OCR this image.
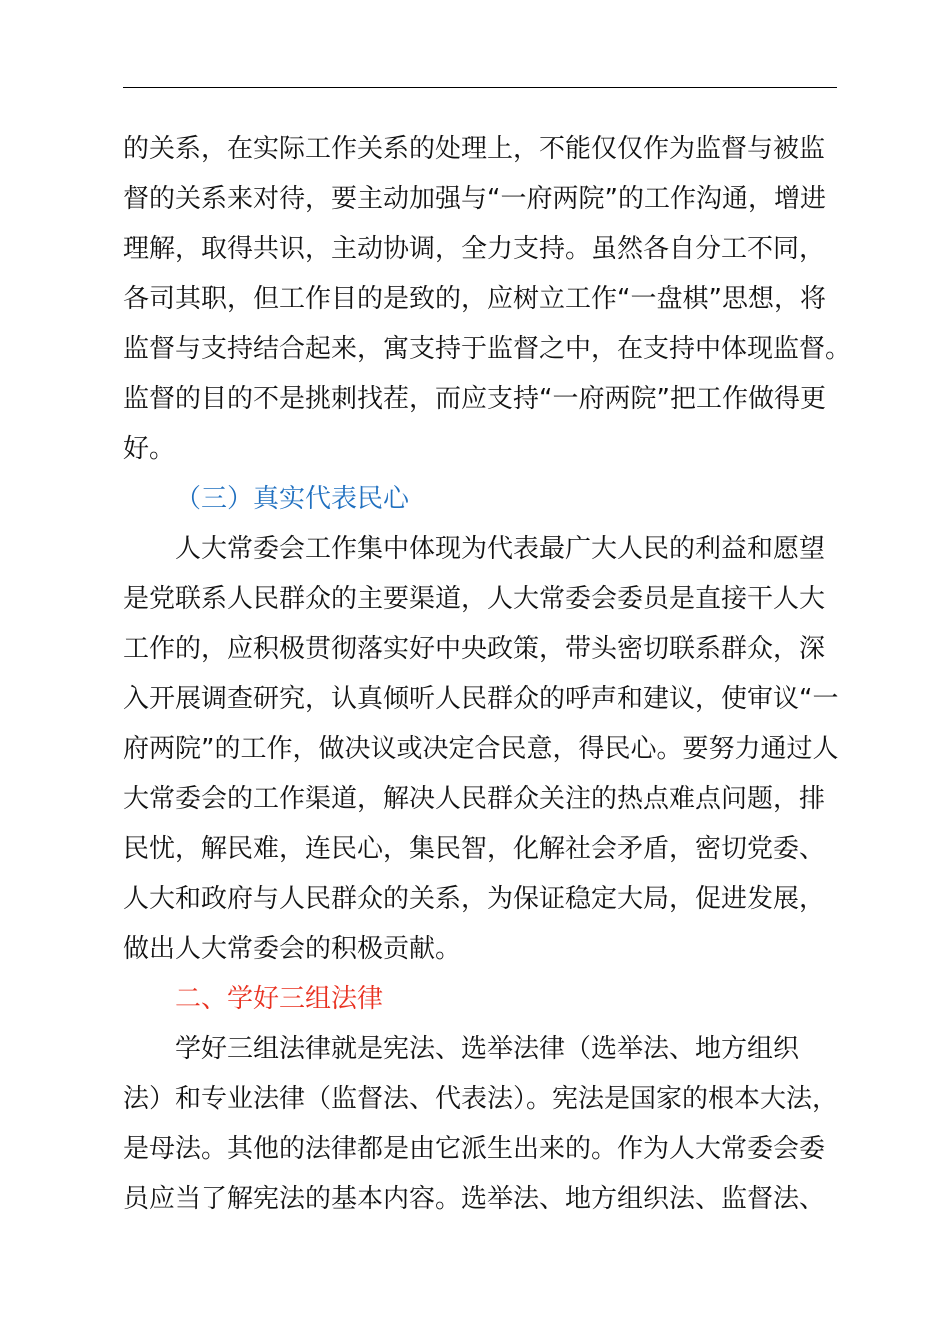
的关系，在实际工作关系的处理上，不能仅仅作为监督与被监
督的关系来对待，要主动加强与“一府两院”的工作沟通，增进
理解，取得共识，主动协调，全力支持。虽然各自分工不同，
各司其职，但工作目的是致的，应树立工作“一盘棋”思想，将
监督与支持结合起来，寓支持于监督之中，在支持中体现监督。
监督的目的不是挑刺找茬，而应支持“一府两院”把工作做得更
好。
（三）真实代表民心
人大常委会工作集中体现为代表最广大人民的利益和愿望
是党联系人民群众的主要渠道，人大常委会委员是直接干人大
工作的，应积极贯彻落实好中央政策，带头密切联系群众，深
入开展调查研究，认真倾听人民群众的呼声和建议，使审议“一
府两院”的工作，做决议或决定合民意，得民心。要努力通过人
大常委会的工作渠道，解决人民群众关注的热点难点问题，排
民忧，解民难，连民心，集民智，化解社会矛盾，密切党委、
人大和政府与人民群众的关系，为保证稳定大局，促进发展，
做出人大常委会的积极贡献。
二、学好三组法律
学好三组法律就是宪法、选举法律（选举法、地方组织
法）和专业法律（监督法、代表法）。宪法是国家的根本大法，
是母法。其他的法律都是由它派生出来的。作为人大常委会委
员应当了解宪法的基本内容。选举法、地方组织法、监督法、
